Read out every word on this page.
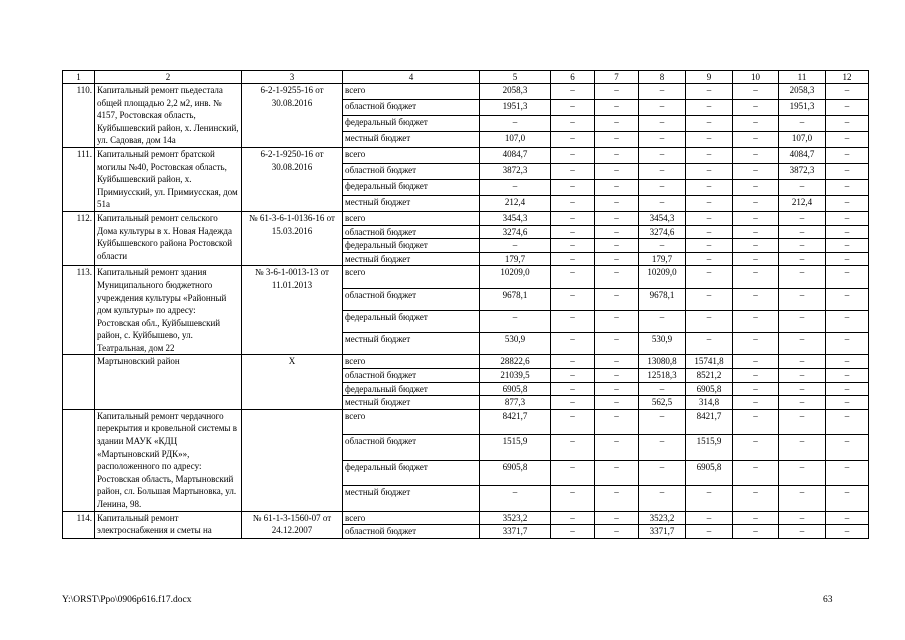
1	2	3	4	5	6	7	8	9	10	11	12
110.	Капитальный ремонт пьедестала общей площадью 2,2 м2, инв. № 4157, Ростовская область, Куйбышевский район, х. Ленинский, ул. Садовая, дом 14а	6-2-1-9255-16 от 30.08.2016	всего	2058,3	–	–	–	–	–	2058,3	–
			областной бюджет	1951,3	–	–	–	–	–	1951,3	–
			федеральный бюджет	–	–	–	–	–	–	–	–
			местный бюджет	107,0	–	–	–	–	–	107,0	–
111.	Капитальный ремонт братской могилы №40, Ростовская область, Куйбышевский район, х. Примиусский, ул. Примиусская, дом 51а	6-2-1-9250-16 от 30.08.2016	всего	4084,7	–	–	–	–	–	4084,7	–
			областной бюджет	3872,3	–	–	–	–	–	3872,3	–
			федеральный бюджет	–	–	–	–	–	–	–	–
			местный бюджет	212,4	–	–	–	–	–	212,4	–
112.	Капитальный ремонт сельского Дома культуры в х. Новая Надежда Куйбышевского района Ростовской области	№ 61-3-6-1-0136-16 от 15.03.2016	всего	3454,3	–	–	3454,3	–	–	–	–
			областной бюджет	3274,6	–	–	3274,6	–	–	–	–
			федеральный бюджет	–	–	–	–	–	–	–	–
			местный бюджет	179,7	–	–	179,7	–	–	–	–
113.	Капитальный ремонт здания Муниципального бюджетного учреждения культуры «Районный дом культуры» по адресу: Ростовская обл., Куйбышевский район, с. Куйбышево, ул. Театральная, дом 22	№ 3-6-1-0013-13 от 11.01.2013	всего	10209,0	–	–	10209,0	–	–	–	–
			областной бюджет	9678,1	–	–	9678,1	–	–	–	–
			федеральный бюджет	–	–	–	–	–	–	–	–
			местный бюджет	530,9	–	–	530,9	–	–	–	–
	Мартыновский район	Х	всего	28822,6	–	–	13080,8	15741,8	–	–	–
			областной бюджет	21039,5	–	–	12518,3	8521,2	–	–	–
			федеральный бюджет	6905,8	–	–	–	6905,8	–	–	–
			местный бюджет	877,3	–	–	562,5	314,8	–	–	–
	Капитальный ремонт чердачного перекрытия и кровельной системы в здании МАУК «КДЦ «Мартыновский РДК»», расположенного по адресу: Ростовская область, Мартыновский район, сл. Большая Мартыновка, ул. Ленина, 98.		всего	8421,7	–	–	–	8421,7	–	–	–
			областной бюджет	1515,9	–	–	–	1515,9	–	–	–
			федеральный бюджет	6905,8	–	–	–	6905,8	–	–	–
			местный бюджет	–	–	–	–	–	–	–	–
114.	Капитальный ремонт электроснабжения и сметы на	№ 61-1-3-1560-07 от 24.12.2007	всего	3523,2	–	–	3523,2	–	–	–	–
			областной бюджет	3371,7	–	–	3371,7	–	–	–	–
Y:\ORST\Ppo\0906p616.f17.docx	63
